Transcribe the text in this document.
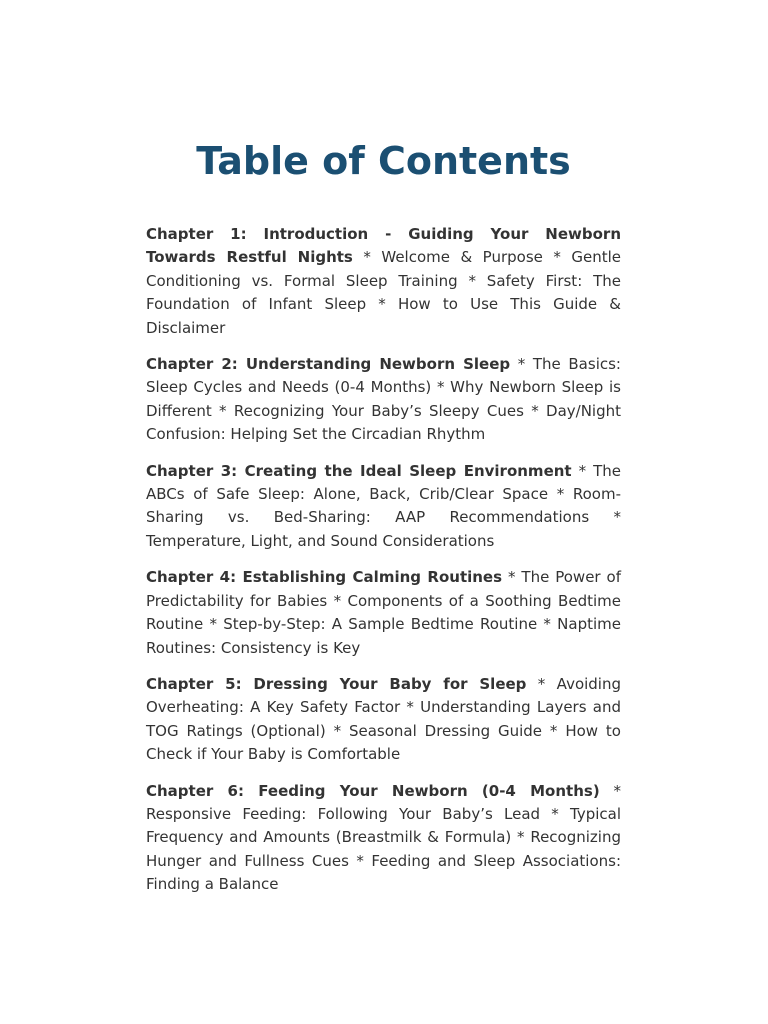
Table of Contents

Chapter 1: Introduction - Guiding Your Newborn Towards Restful Nights * Welcome & Purpose * Gentle Conditioning vs. Formal Sleep Training * Safety First: The Foundation of Infant Sleep * How to Use This Guide & Disclaimer

Chapter 2: Understanding Newborn Sleep * The Basics: Sleep Cycles and Needs (0-4 Months) * Why Newborn Sleep is Different * Recognizing Your Baby’s Sleepy Cues * Day/​Night Confusion: Helping Set the Circadian Rhythm

Chapter 3: Creating the Ideal Sleep Environment * The ABCs of Safe Sleep: Alone, Back, Crib/Clear Space * Room-Sharing vs. Bed-Sharing: AAP Recommendations * Temperature, Light, and Sound Considerations

Chapter 4: Establishing Calming Routines * The Power of Predictability for Babies * Components of a Soothing Bedtime Routine * Step-by-Step: A Sample Bedtime Routine * Naptime Routines: Consistency is Key

Chapter 5: Dressing Your Baby for Sleep * Avoiding Overheating: A Key Safety Factor * Understanding Layers and TOG Ratings (Optional) * Seasonal Dressing Guide * How to Check if Your Baby is Comfortable

Chapter 6: Feeding Your Newborn (0-4 Months) * Responsive Feeding: Following Your Baby’s Lead * Typical Frequency and Amounts (Breastmilk & Formula) * Recognizing Hunger and Fullness Cues * Feeding and Sleep Associations: Finding a Balance
